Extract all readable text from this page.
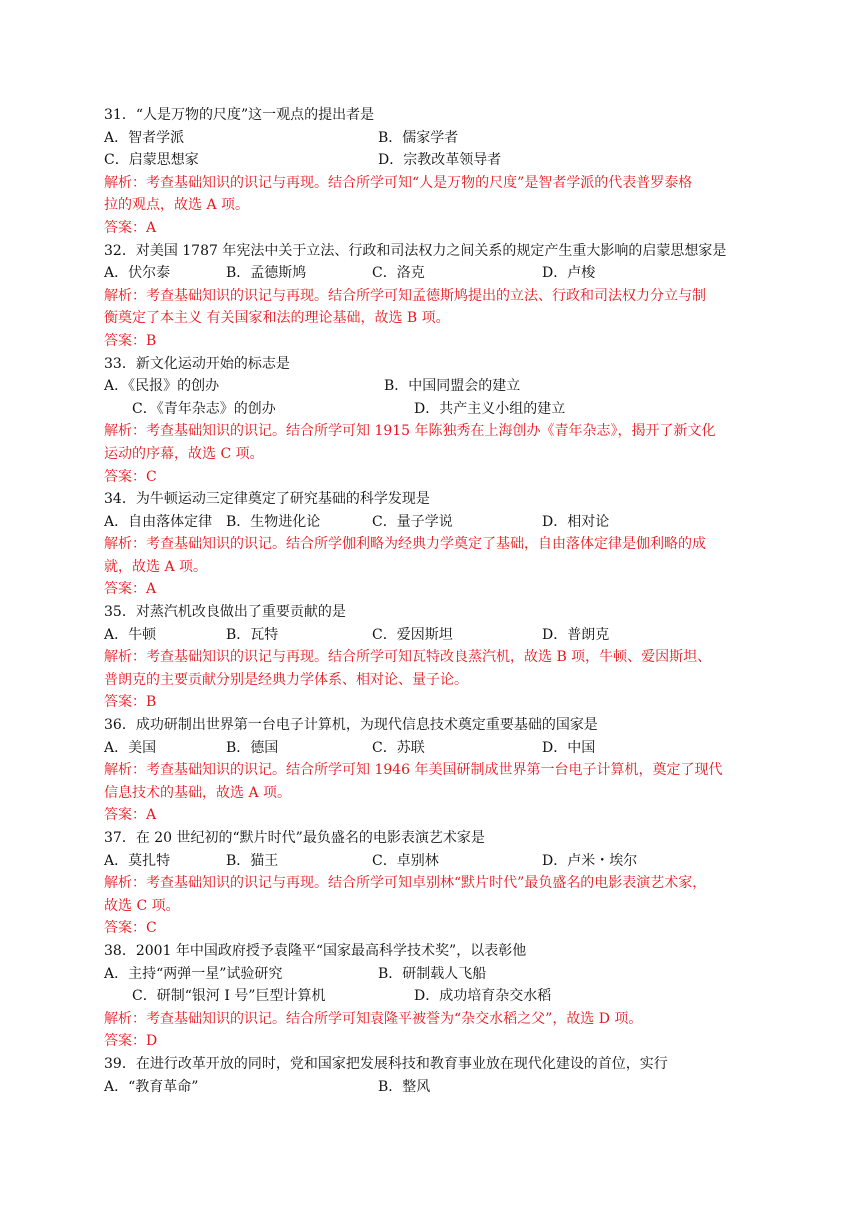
31．“人是万物的尺度”这一观点的提出者是
A．智者学派	B．儒家学者
C．启蒙思想家	D．宗教改革领导者
解析：考查基础知识的识记与再现。结合所学可知“人是万物的尺度”是智者学派的代表普罗泰格
拉的观点，故选 A 项。
答案：A
32．对美国 1787 年宪法中关于立法、行政和司法权力之间关系的规定产生重大影响的启蒙思想家是
A．伏尔泰	B．孟德斯鸠	C．洛克	D．卢梭
解析：考查基础知识的识记与再现。结合所学可知孟德斯鸠提出的立法、行政和司法权力分立与制
衡奠定了本主义 有关国家和法的理论基础，故选 B 项。
答案：B
33．新文化运动开始的标志是
A．《民报》的创办	B．中国同盟会的建立
C．《青年杂志》的创办	D．共产主义小组的建立
解析：考查基础知识的识记。结合所学可知 1915 年陈独秀在上海创办《青年杂志》，揭开了新文化
运动的序幕，故选 C 项。
答案：C
34．为牛顿运动三定律奠定了研究基础的科学发现是
A．自由落体定律 B．生物进化论	C．量子学说	D．相对论
解析：考查基础知识的识记。结合所学伽利略为经典力学奠定了基础，自由落体定律是伽利略的成
就，故选 A 项。
答案：A
35．对蒸汽机改良做出了重要贡献的是
A．牛顿	B．瓦特	C．爱因斯坦	D．普朗克
解析：考查基础知识的识记与再现。结合所学可知瓦特改良蒸汽机，故选 B 项，牛顿、爱因斯坦、
普朗克的主要贡献分别是经典力学体系、相对论、量子论。
答案：B
36．成功研制出世界第一台电子计算机，为现代信息技术奠定重要基础的国家是
A．美国	B．德国	C．苏联	D．中国
解析：考查基础知识的识记。结合所学可知 1946 年美国研制成世界第一台电子计算机，奠定了现代
信息技术的基础，故选 A 项。
答案：A
37．在 20 世纪初的“默片时代”最负盛名的电影表演艺术家是
A．莫扎特	B．猫王	C．卓别林	D．卢米・埃尔
解析：考查基础知识的识记与再现。结合所学可知卓别林“默片时代”最负盛名的电影表演艺术家，
故选 C 项。
答案：C
38．2001 年中国政府授予袁隆平“国家最高科学技术奖”，以表彰他
A．主持“两弹一星”试验研究	B．研制载人飞船
C．研制“银河 I 号”巨型计算机	D．成功培育杂交水稻
解析：考查基础知识的识记。结合所学可知袁隆平被誉为“杂交水稻之父”，故选 D 项。
答案：D
39．在进行改革开放的同时，党和国家把发展科技和教育事业放在现代化建设的首位，实行
A．“教育革命”	B．整风
